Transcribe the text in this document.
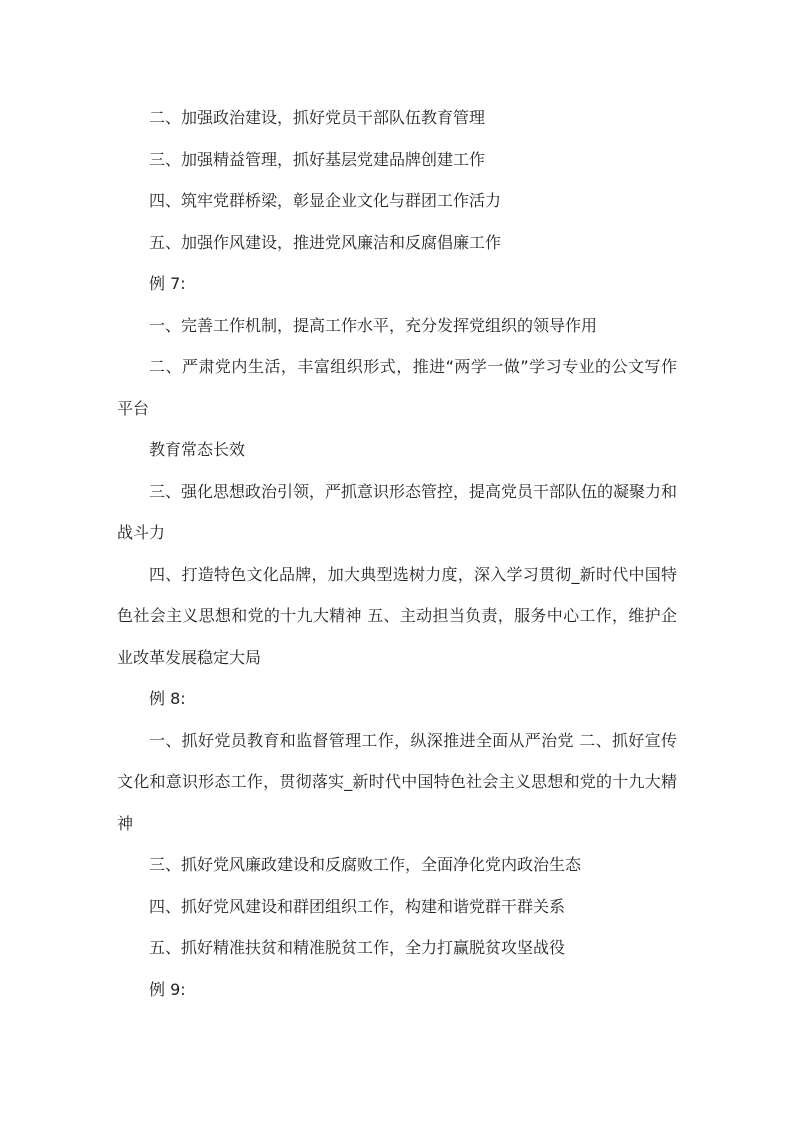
二、加强政治建设，抓好党员干部队伍教育管理

三、加强精益管理，抓好基层党建品牌创建工作

四、筑牢党群桥梁，彰显企业文化与群团工作活力

五、加强作风建设，推进党风廉洁和反腐倡廉工作

例 7:

一、完善工作机制，提高工作水平，充分发挥党组织的领导作用

二、严肃党内生活，丰富组织形式，推进“两学一做”学习专业的公文写作平台

教育常态长效

三、强化思想政治引领，严抓意识形态管控，提高党员干部队伍的凝聚力和战斗力

四、打造特色文化品牌，加大典型选树力度，深入学习贯彻_新时代中国特色社会主义思想和党的十九大精神 五、主动担当负责，服务中心工作，维护企业改革发展稳定大局

例 8:

一、抓好党员教育和监督管理工作，纵深推进全面从严治党 二、抓好宣传文化和意识形态工作，贯彻落实_新时代中国特色社会主义思想和党的十九大精神

三、抓好党风廉政建设和反腐败工作，全面净化党内政治生态

四、抓好党风建设和群团组织工作，构建和谐党群干群关系

五、抓好精准扶贫和精准脱贫工作，全力打赢脱贫攻坚战役

例 9:
